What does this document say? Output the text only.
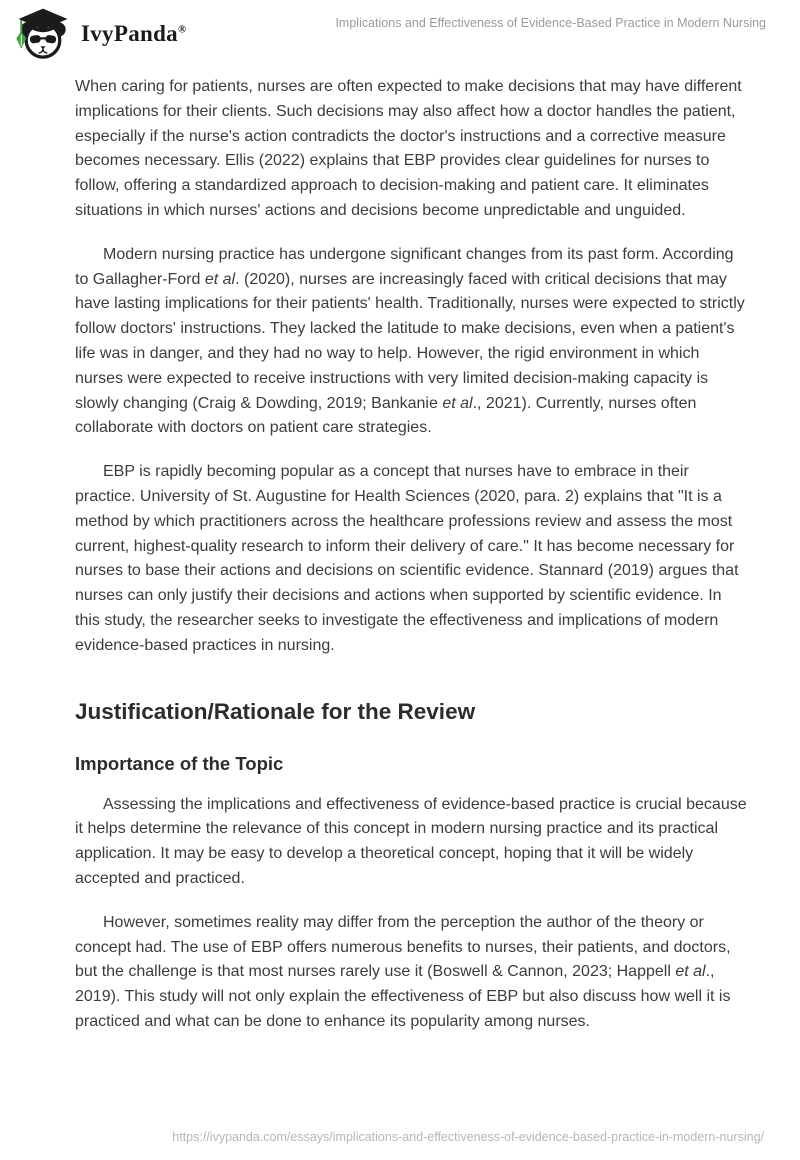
IvyPanda®	Implications and Effectiveness of Evidence-Based Practice in Modern Nursing

When caring for patients, nurses are often expected to make decisions that may have different implications for their clients. Such decisions may also affect how a doctor handles the patient, especially if the nurse's action contradicts the doctor's instructions and a corrective measure becomes necessary. Ellis (2022) explains that EBP provides clear guidelines for nurses to follow, offering a standardized approach to decision-making and patient care. It eliminates situations in which nurses' actions and decisions become unpredictable and unguided.

Modern nursing practice has undergone significant changes from its past form. According to Gallagher-Ford et al. (2020), nurses are increasingly faced with critical decisions that may have lasting implications for their patients' health. Traditionally, nurses were expected to strictly follow doctors' instructions. They lacked the latitude to make decisions, even when a patient's life was in danger, and they had no way to help. However, the rigid environment in which nurses were expected to receive instructions with very limited decision-making capacity is slowly changing (Craig & Dowding, 2019; Bankanie et al., 2021). Currently, nurses often collaborate with doctors on patient care strategies.

EBP is rapidly becoming popular as a concept that nurses have to embrace in their practice. University of St. Augustine for Health Sciences (2020, para. 2) explains that "It is a method by which practitioners across the healthcare professions review and assess the most current, highest-quality research to inform their delivery of care." It has become necessary for nurses to base their actions and decisions on scientific evidence. Stannard (2019) argues that nurses can only justify their decisions and actions when supported by scientific evidence. In this study, the researcher seeks to investigate the effectiveness and implications of modern evidence-based practices in nursing.

Justification/Rationale for the Review
Importance of the Topic

Assessing the implications and effectiveness of evidence-based practice is crucial because it helps determine the relevance of this concept in modern nursing practice and its practical application. It may be easy to develop a theoretical concept, hoping that it will be widely accepted and practiced.

However, sometimes reality may differ from the perception the author of the theory or concept had. The use of EBP offers numerous benefits to nurses, their patients, and doctors, but the challenge is that most nurses rarely use it (Boswell & Cannon, 2023; Happell et al., 2019). This study will not only explain the effectiveness of EBP but also discuss how well it is practiced and what can be done to enhance its popularity among nurses.

https://ivypanda.com/essays/implications-and-effectiveness-of-evidence-based-practice-in-modern-nursing/
